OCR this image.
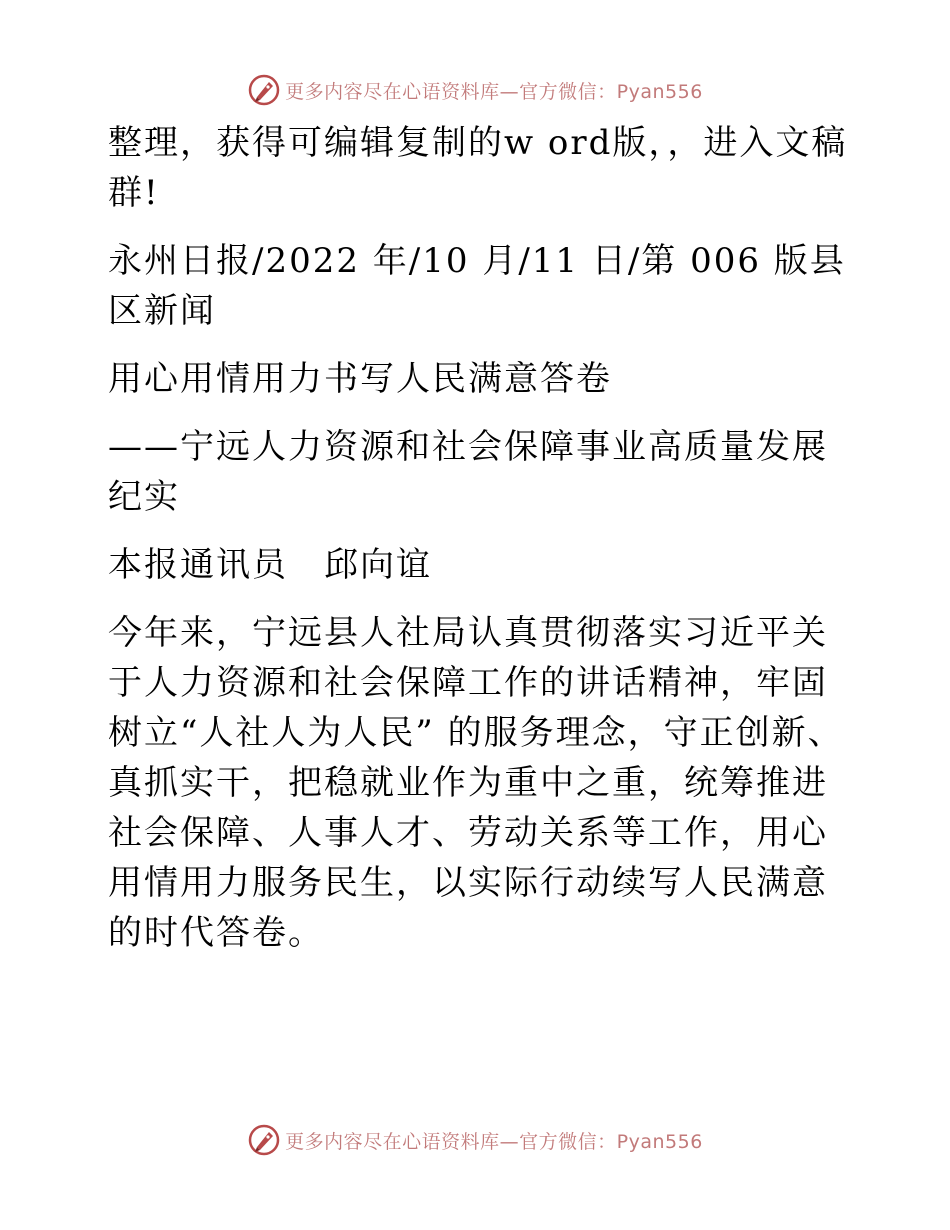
更多内容尽在心语资料库—官方微信：Pyan556

整理，获得可编辑复制的w ord版，，进入文稿群!

永州日报/2022 年/10 月/11 日/第 006 版县区新闻

用心用情用力书写人民满意答卷

——宁远人力资源和社会保障事业高质量发展纪实

本报通讯员　邱向谊

今年来，宁远县人社局认真贯彻落实习近平关于人力资源和社会保障工作的讲话精神，牢固树立“人社人为人民” 的服务理念，守正创新、真抓实干，把稳就业作为重中之重，统筹推进社会保障、人事人才、劳动关系等工作，用心用情用力服务民生，以实际行动续写人民满意的时代答卷。

更多内容尽在心语资料库—官方微信：Pyan556
